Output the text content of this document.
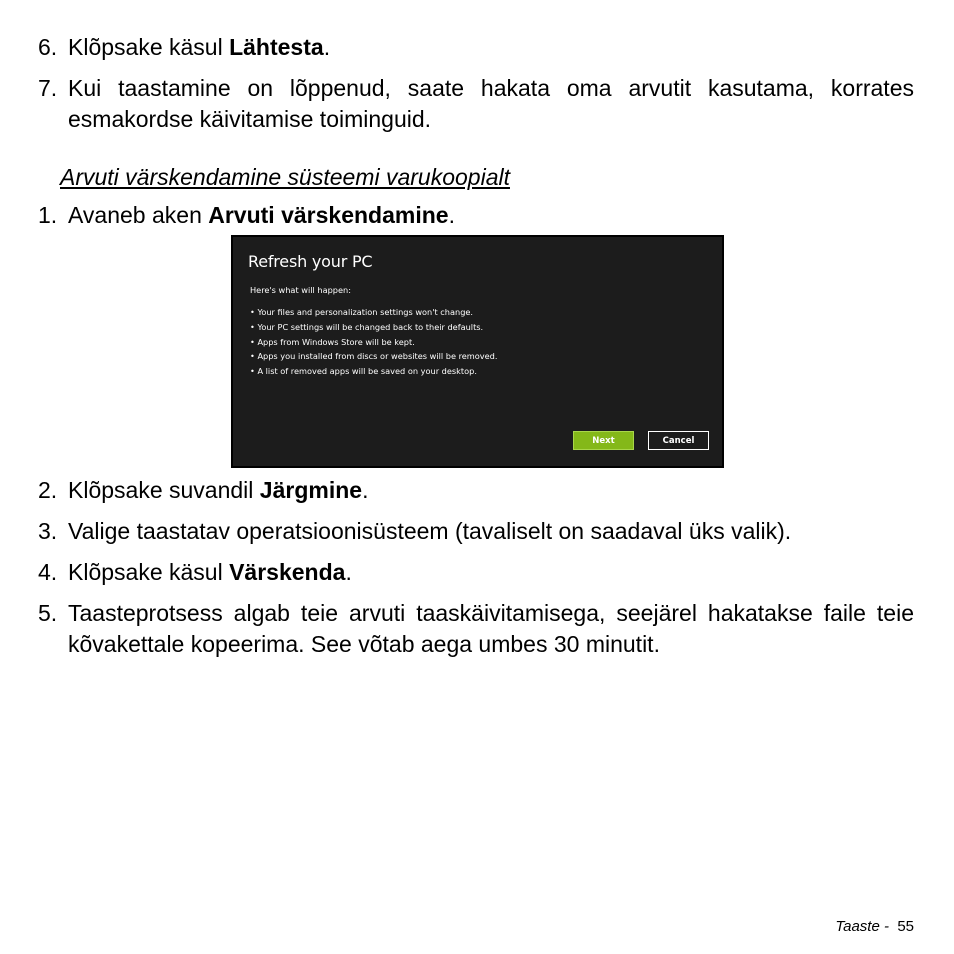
6. Klõpsake käsul Lähtesta.
7. Kui taastamine on lõppenud, saate hakata oma arvutit kasutama, korrates esmakordse käivitamise toiminguid.
Arvuti värskendamine süsteemi varukoopialt
1. Avaneb aken Arvuti värskendamine.
Refresh your PC
Here's what will happen:
• Your files and personalization settings won't change.
• Your PC settings will be changed back to their defaults.
• Apps from Windows Store will be kept.
• Apps you installed from discs or websites will be removed.
• A list of removed apps will be saved on your desktop.
Next	Cancel
2. Klõpsake suvandil Järgmine.
3. Valige taastatav operatsioonisüsteem (tavaliselt on saadaval üks valik).
4. Klõpsake käsul Värskenda.
5. Taasteprotsess algab teie arvuti taaskäivitamisega, seejärel hakatakse faile teie kõvakettale kopeerima. See võtab aega umbes 30 minutit.
Taaste -  55
